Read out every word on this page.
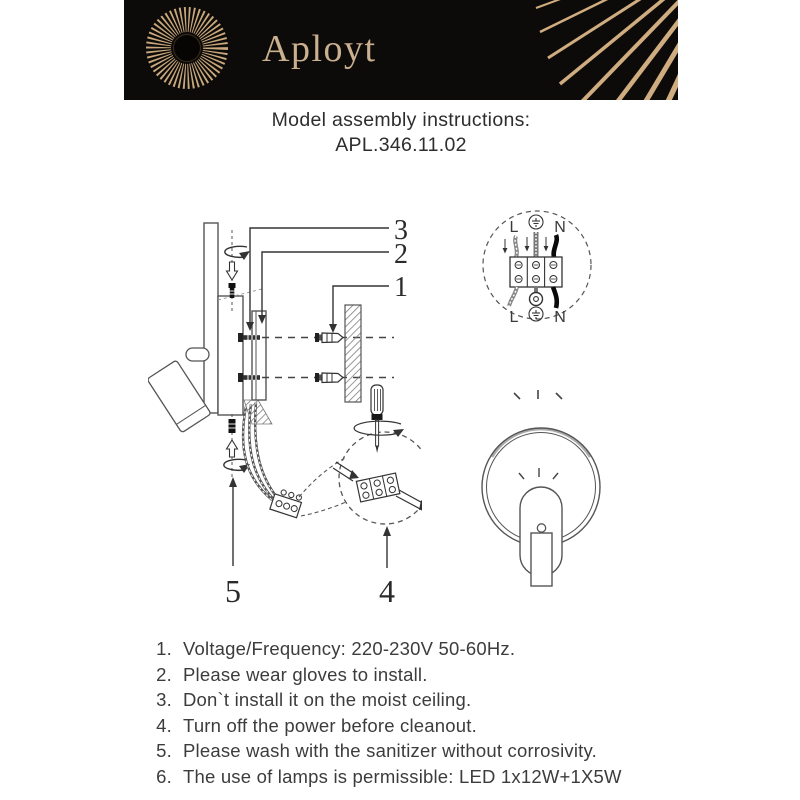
Aployt
Model assembly instructions:
APL.346.11.02
3
2
1
5	4
L N
L N
1. Voltage/Frequency: 220-230V 50-60Hz.
2. Please wear gloves to install.
3. Don`t install it on the moist ceiling.
4. Turn off the power before cleanout.
5. Please wash with the sanitizer without corrosivity.
6. The use of lamps is permissible: LED 1x12W+1X5W
